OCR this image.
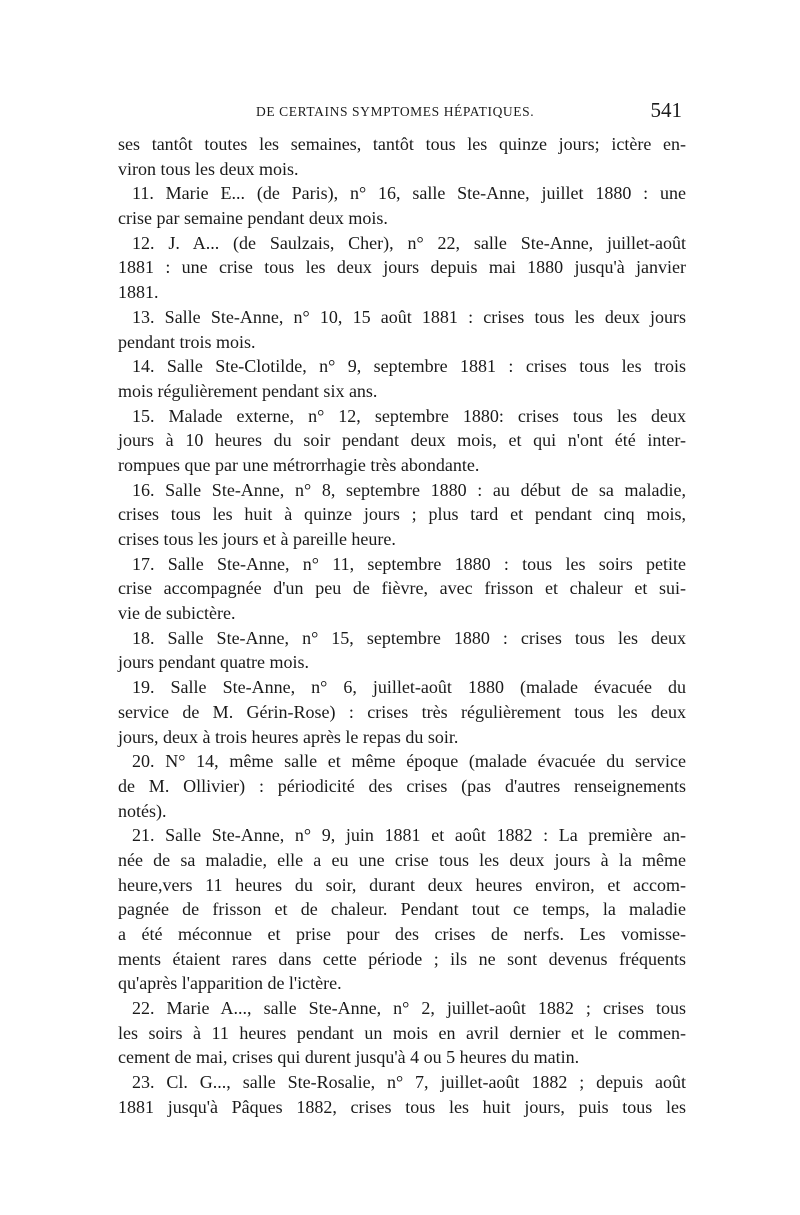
DE CERTAINS SYMPTOMES HÉPATIQUES.	541
ses tantôt toutes les semaines, tantôt tous les quinze jours; ictère en-
viron tous les deux mois.
11. Marie E... (de Paris), n° 16, salle Ste-Anne, juillet 1880 : une
crise par semaine pendant deux mois.
12. J. A... (de Saulzais, Cher), n° 22, salle Ste-Anne, juillet-août
1881 : une crise tous les deux jours depuis mai 1880 jusqu'à janvier
1881.
13. Salle Ste-Anne, n° 10, 15 août 1881 : crises tous les deux jours
pendant trois mois.
14. Salle Ste-Clotilde, n° 9, septembre 1881 : crises tous les trois
mois régulièrement pendant six ans.
15. Malade externe, n° 12, septembre 1880: crises tous les deux
jours à 10 heures du soir pendant deux mois, et qui n'ont été inter-
rompues que par une métrorrhagie très abondante.
16. Salle Ste-Anne, n° 8, septembre 1880 : au début de sa maladie,
crises tous les huit à quinze jours ; plus tard et pendant cinq mois,
crises tous les jours et à pareille heure.
17. Salle Ste-Anne, n° 11, septembre 1880 : tous les soirs petite
crise accompagnée d'un peu de fièvre, avec frisson et chaleur et sui-
vie de subictère.
18. Salle Ste-Anne, n° 15, septembre 1880 : crises tous les deux
jours pendant quatre mois.
19. Salle Ste-Anne, n° 6, juillet-août 1880 (malade évacuée du
service de M. Gérin-Rose) : crises très régulièrement tous les deux
jours, deux à trois heures après le repas du soir.
20. N° 14, même salle et même époque (malade évacuée du service
de M. Ollivier) : périodicité des crises (pas d'autres renseignements
notés).
21. Salle Ste-Anne, n° 9, juin 1881 et août 1882 : La première an-
née de sa maladie, elle a eu une crise tous les deux jours à la même
heure,vers 11 heures du soir, durant deux heures environ, et accom-
pagnée de frisson et de chaleur. Pendant tout ce temps, la maladie
a été méconnue et prise pour des crises de nerfs. Les vomisse-
ments étaient rares dans cette période ; ils ne sont devenus fréquents
qu'après l'apparition de l'ictère.
22. Marie A..., salle Ste-Anne, n° 2, juillet-août 1882 ; crises tous
les soirs à 11 heures pendant un mois en avril dernier et le commen-
cement de mai, crises qui durent jusqu'à 4 ou 5 heures du matin.
23. Cl. G..., salle Ste-Rosalie, n° 7, juillet-août 1882 ; depuis août
1881 jusqu'à Pâques 1882, crises tous les huit jours, puis tous les
